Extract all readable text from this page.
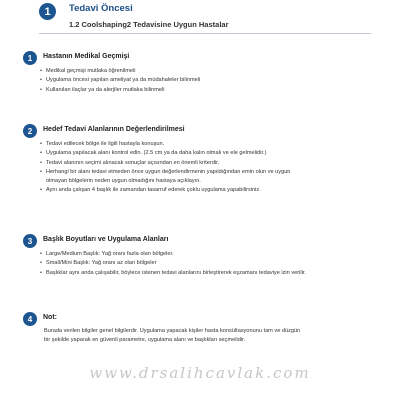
1	Tedavi Öncesi
1.2 Coolshaping2 Tedavisine Uygun Hastalar
1	Hastanın Medikal Geçmişi
• Medikal geçmişi mutlaka öğrenilmeli
• Uygulama öncesi yapılan ameliyat ya da müdahaleler bilinmeli
• Kullanılan ilaçlar ya da alerjiler mutlaka bilinmeli
2	Hedef Tedavi Alanlarının Değerlendirilmesi
• Tedavi edilecek bölge ile ilgili hastayla konuşun.
• Uygulama yapılacak alanı kontrol edin. (2.5 cm ya da daha kalın olmalı ve ele gelmelidir.)
• Tedavi alanının seçimi alınacak sonuçlar açısından en önemli kriterdir.
• Herhangi bir alanı tedavi etmeden önce uygun değerlendirmenin yapıldığından emin olun ve uygun
olmayan bölgelerin neden uygun olmadığını hastaya açıklayın.
• Aynı anda çalışan 4 başlık ile zamandan tasarruf ederek çoklu uygulama yapabilirsiniz.
3	Başlık Boyutları ve Uygulama Alanları
• Large/Medium Başlık: Yağ oranı fazla olan bölgeler.
• Small/Mini Başlık: Yağ oranı az olan bölgeler
• Başlıklar aynı anda çalışabilir, böylece istenen tedavi alanlarını birleştirerek eşzamanı tedaviye izin verilir.
4	Not:
Burada verilen bilgiler genel bilgilerdir. Uygulama yapacak kişiler hasta konsültasyonunu tam ve düzgün
bir şekilde yaparak en güvenli parametre, uygulama alanı ve başlıkları seçmelidir.
www.drsalihcavlak.com
